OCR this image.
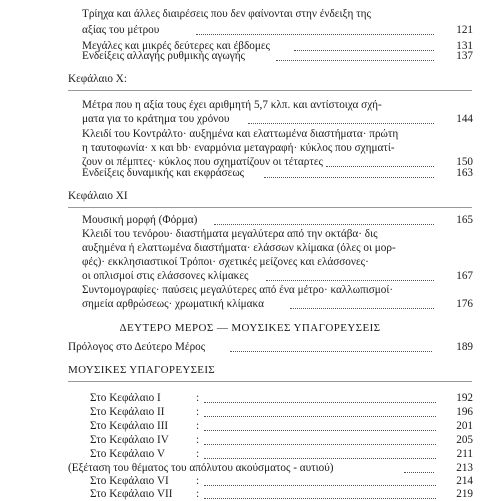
Τρίηχα και άλλες διαιρέσεις που δεν φαίνονται στην ένδειξη της
αξίας του μέτρου	121
Μεγάλες και μικρές δεύτερες και έβδομες	131
Ενδείξεις αλλαγής ρυθμικής αγωγής	137
Κεφάλαιο Χ:
Μέτρα που η αξία τους έχει αριθμητή 5,7 κλπ. και αντίστοιχα σχή-
ματα για το κράτημα του χρόνου	144
Κλειδί του Κοντράλτο· αυξημένα και ελαττωμένα διαστήματα· πρώτη
η ταυτοφωνία· x και bb· εναρμόνια μεταγραφή· κύκλος που σχηματί-
ζουν οι πέμπτες· κύκλος που σχηματίζουν οι τέταρτες	150
Ενδείξεις δυναμικής και εκφράσεως	163
Κεφάλαιο ΧΙ
Μουσική μορφή (Φόρμα)	165
Κλειδί του τενόρου· διαστήματα μεγαλύτερα από την οκτάβα· δις
αυξημένα ή ελαττωμένα διαστήματα· ελάσσων κλίμακα (όλες οι μορ-
φές)· εκκλησιαστικοί Τρόποι· σχετικές μείζονες και ελάσσονες·
οι οπλισμοί στις ελάσσονες κλίμακες	167
Συντομογραφίες· παύσεις μεγαλύτερες από ένα μέτρο· καλλωπισμοί·
σημεία αρθρώσεως· χρωματική κλίμακα	176
ΔΕΥΤΕΡΟ ΜΕΡΟΣ — ΜΟΥΣΙΚΕΣ ΥΠΑΓΟΡΕΥΣΕΙΣ
Πρόλογος στο Δεύτερο Μέρος	189
ΜΟΥΣΙΚΕΣ ΥΠΑΓΟΡΕΥΣΕΙΣ
Στο Κεφάλαιο Ι	:	192
Στο Κεφάλαιο ΙΙ	:	196
Στο Κεφάλαιο ΙΙΙ :	201
Στο Κεφάλαιο ΙV :	205
Στο Κεφάλαιο V	:	211
(Εξέταση του θέματος του απόλυτου ακούσματος - αυτιού)	213
Στο Κεφάλαιο VΙ :	214
Στο Κεφάλαιο VΙΙ :	219
